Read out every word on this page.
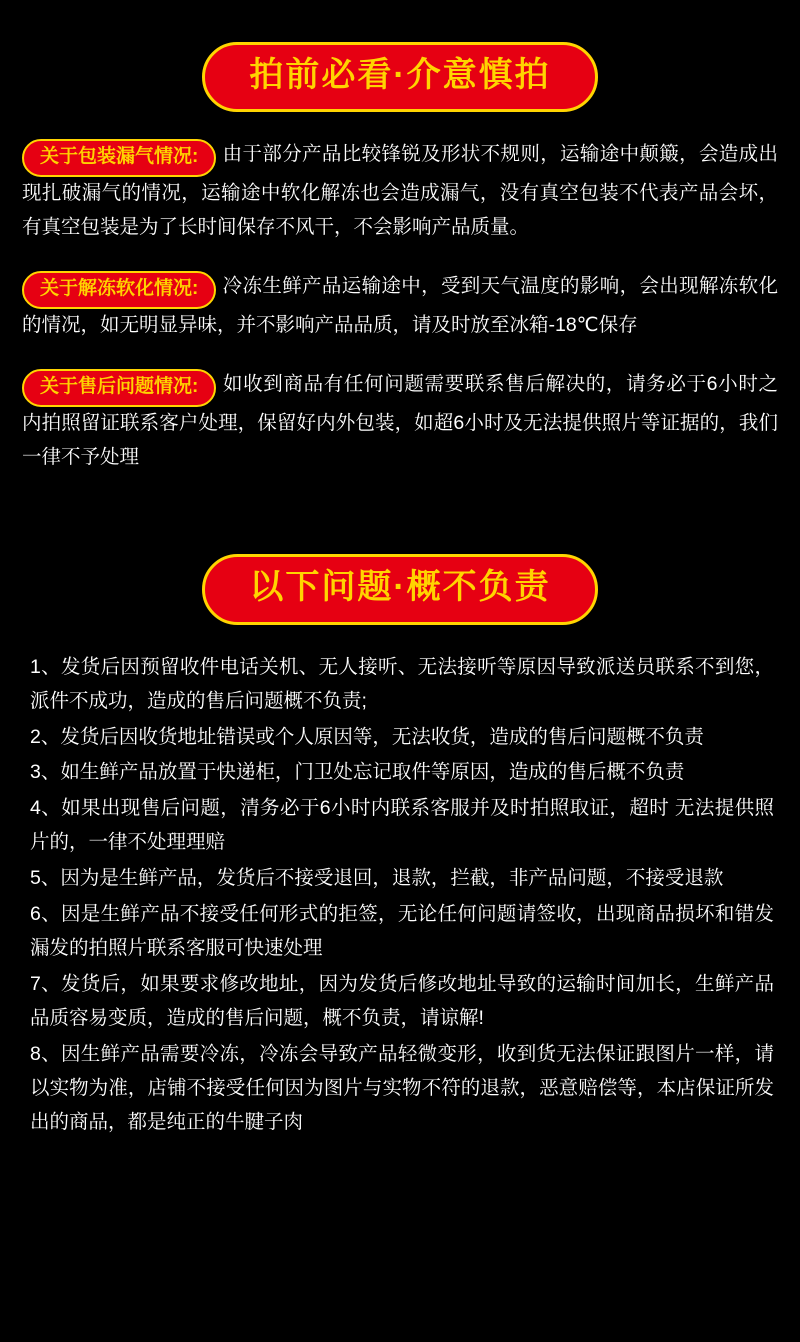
拍前必看·介意慎拍
关于包装漏气情况: 由于部分产品比较锋锐及形状不规则，运输途中颠簸，会造成出现扎破漏气的情况，运输途中软化解冻也会造成漏气，没有真空包装不代表产品会坏，有真空包装是为了长时间保存不风干，不会影响产品质量。
关于解冻软化情况: 冷冻生鲜产品运输途中，受到天气温度的影响，会出现解冻软化的情况，如无明显异味，并不影响产品品质，请及时放至冰箱-18℃保存
关于售后问题情况: 如收到商品有任何问题需要联系售后解决的，请务必于6小时之内拍照留证联系客户处理，保留好内外包装，如超6小时及无法提供照片等证据的，我们一律不予处理
以下问题·概不负责
1、发货后因预留收件电话关机、无人接听、无法接听等原因导致派送员联系不到您，派件不成功，造成的售后问题概不负责;
2、发货后因收货地址错误或个人原因等，无法收货，造成的售后问题概不负责
3、如生鲜产品放置于快递柜，门卫处忘记取件等原因，造成的售后概不负责
4、如果出现售后问题，清务必于6小时内联系客服并及时拍照取证，超时 无法提供照片的，一律不处理理赔
5、因为是生鲜产品，发货后不接受退回，退款，拦截，非产品问题，不接受退款
6、因是生鲜产品不接受任何形式的拒签，无论任何问题请签收，出现商品损坏和错发漏发的拍照片联系客服可快速处理
7、发货后，如果要求修改地址，因为发货后修改地址导致的运输时间加长，生鲜产品品质容易变质，造成的售后问题，概不负责，请谅解!
8、因生鲜产品需要冷冻，冷冻会导致产品轻微变形，收到货无法保证跟图片一样，请以实物为准，店铺不接受任何因为图片与实物不符的退款，恶意赔偿等，本店保证所发出的商品，都是纯正的牛腱子肉
